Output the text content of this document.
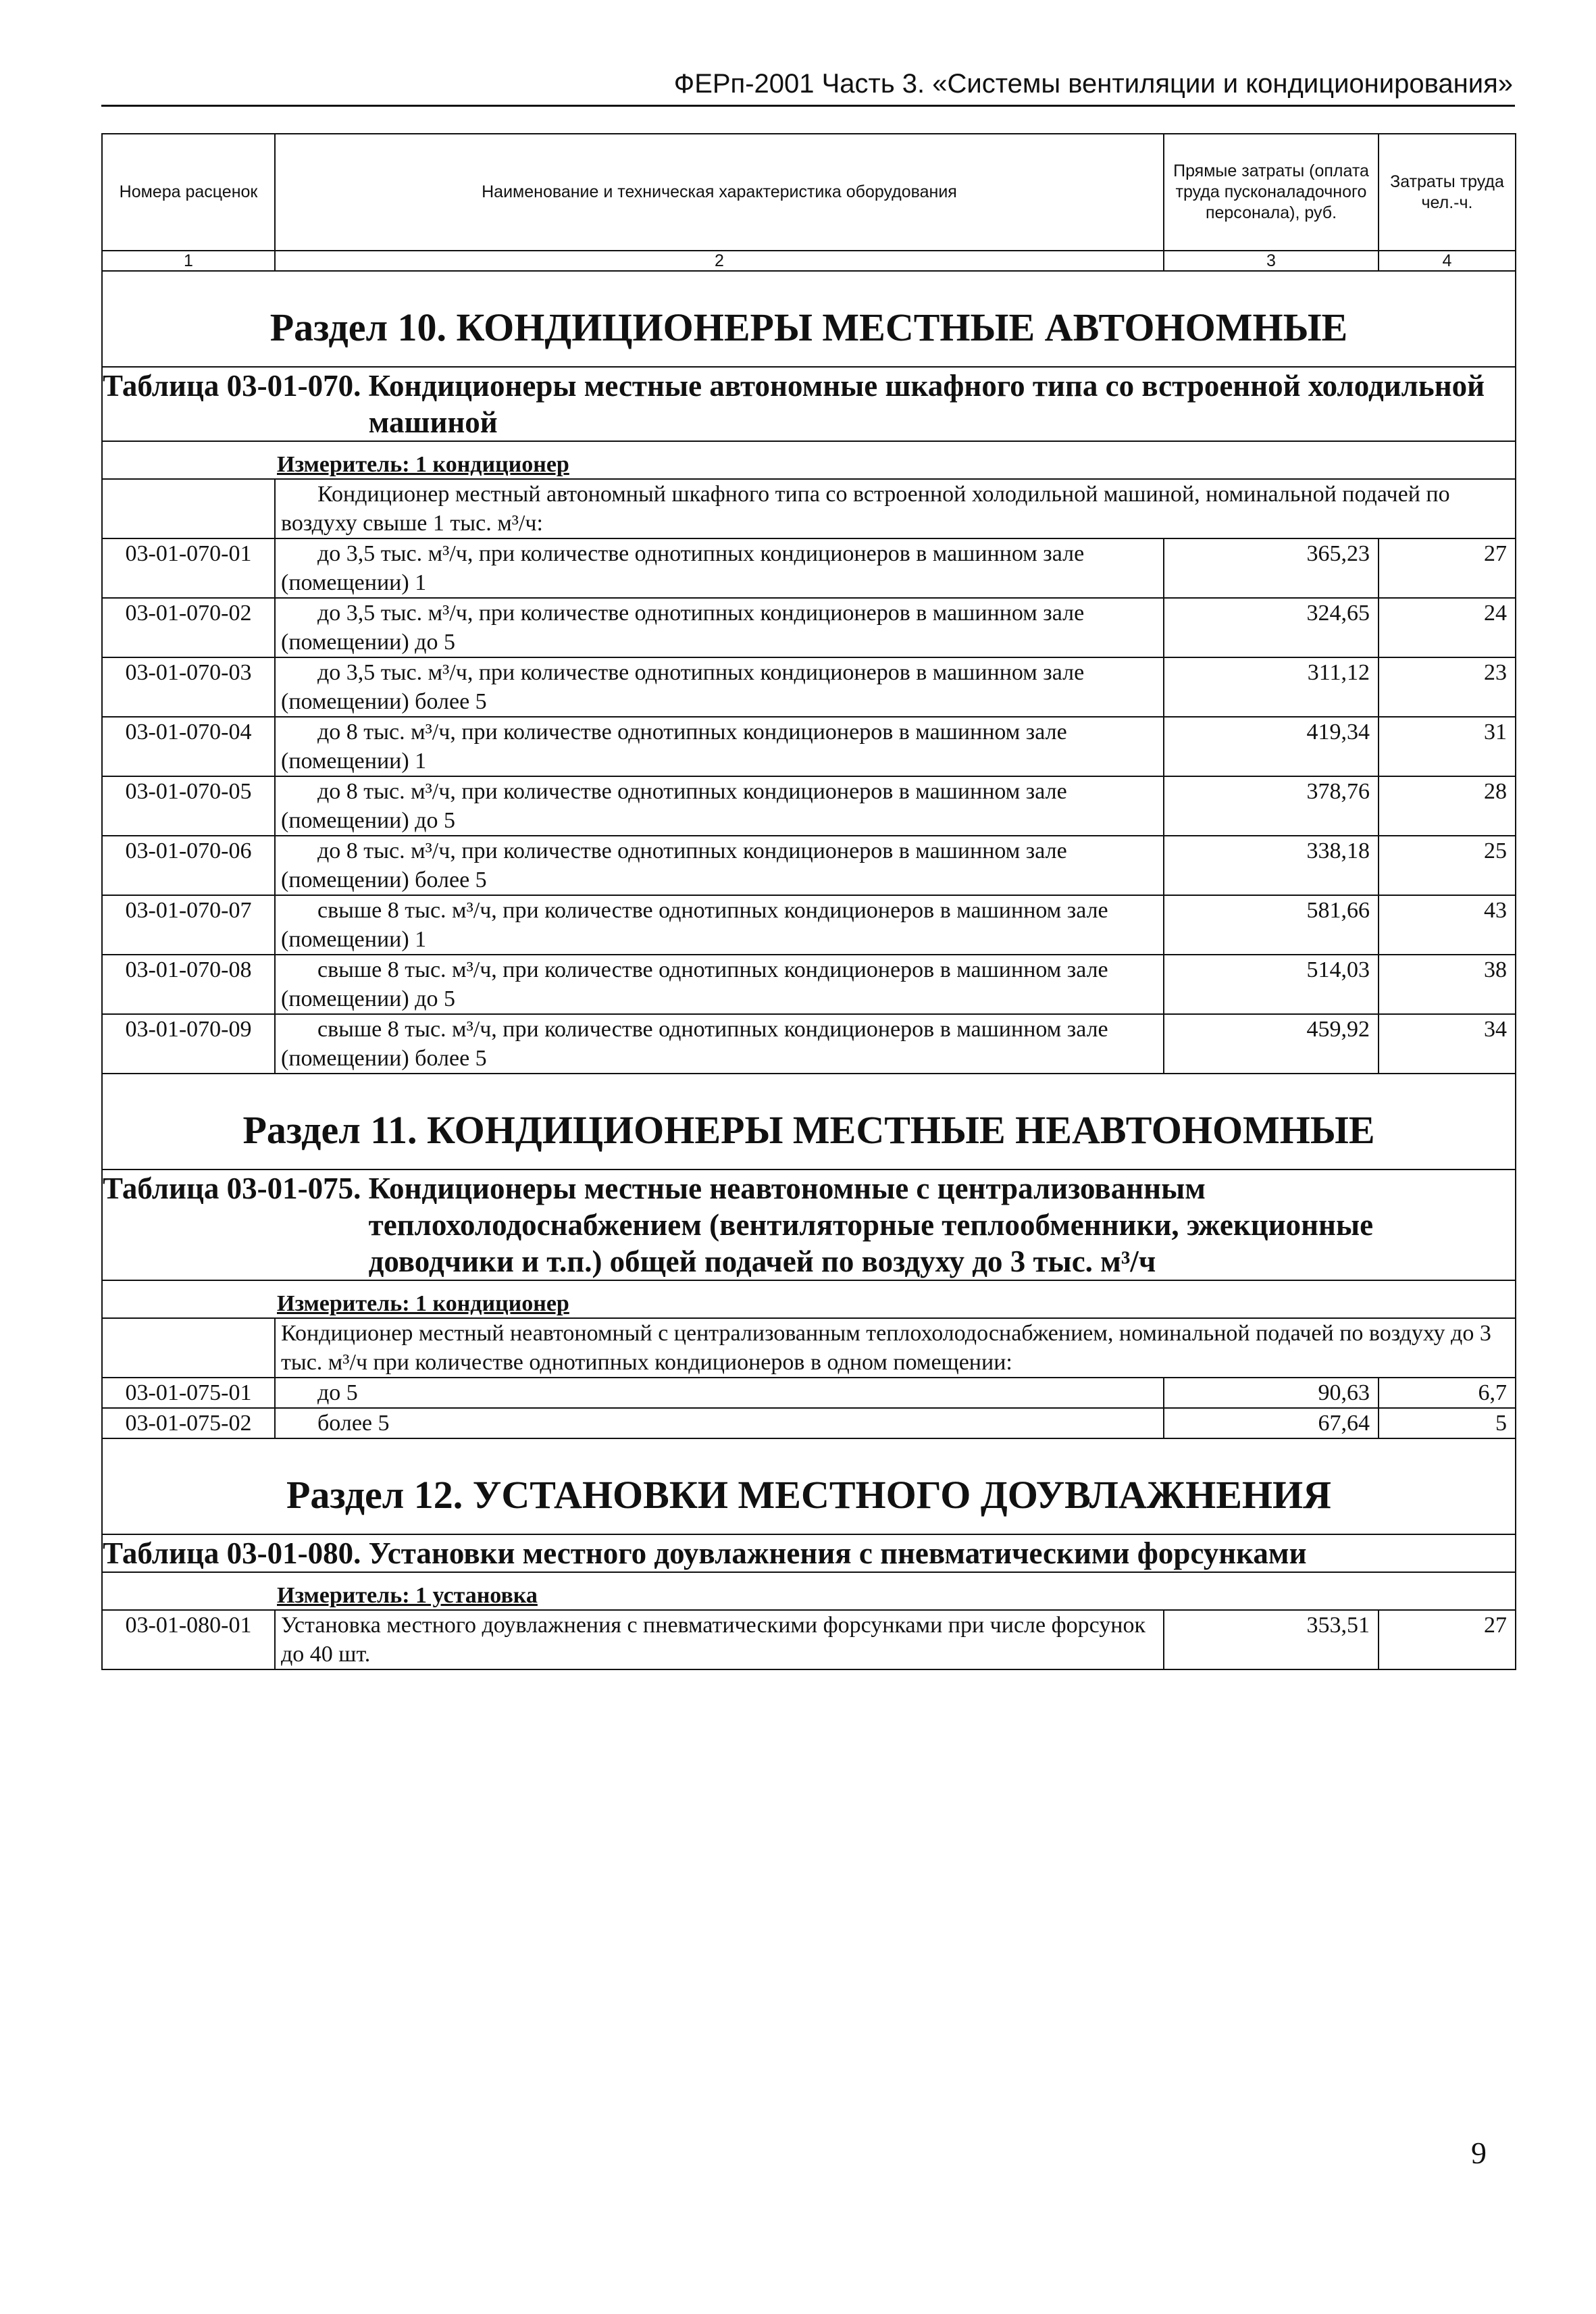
ФЕРп-2001 Часть 3. «Системы вентиляции и кондиционирования»
Номера расценок	Наименование и техническая характеристика оборудования	Прямые затраты (оплата труда пусконаладочного персонала), руб.	Затраты труда чел.-ч.
1	2	3	4
Раздел 10. КОНДИЦИОНЕРЫ МЕСТНЫЕ АВТОНОМНЫЕ			

Таблица 03-01-070.
Кондиционеры местные автономные шкафного типа со встроенной холодильной машиной			

Измеритель: 1 кондиционер			
	Кондиционер местный автономный шкафного типа со встроенной холодильной машиной, номинальной подачей по воздуху свыше 1 тыс. м³/ч:		
03-01-070-01	до 3,5 тыс. м³/ч, при количестве однотипных кондиционеров в машинном зале (помещении) 1	365,23	27
03-01-070-02	до 3,5 тыс. м³/ч, при количестве однотипных кондиционеров в машинном зале (помещении) до 5	324,65	24
03-01-070-03	до 3,5 тыс. м³/ч, при количестве однотипных кондиционеров в машинном зале (помещении) более 5	311,12	23
03-01-070-04	до 8 тыс. м³/ч, при количестве однотипных кондиционеров в машинном зале (помещении) 1	419,34	31
03-01-070-05	до 8 тыс. м³/ч, при количестве однотипных кондиционеров в машинном зале (помещении) до 5	378,76	28
03-01-070-06	до 8 тыс. м³/ч, при количестве однотипных кондиционеров в машинном зале (помещении) более 5	338,18	25
03-01-070-07	свыше 8 тыс. м³/ч, при количестве однотипных кондиционеров в машинном зале (помещении) 1	581,66	43
03-01-070-08	свыше 8 тыс. м³/ч, при количестве однотипных кондиционеров в машинном зале (помещении) до 5	514,03	38
03-01-070-09	свыше 8 тыс. м³/ч, при количестве однотипных кондиционеров в машинном зале (помещении) более 5	459,92	34
Раздел 11. КОНДИЦИОНЕРЫ МЕСТНЫЕ НЕАВТОНОМНЫЕ			

Таблица 03-01-075.
Кондиционеры местные неавтономные с централизованным теплохолодоснабжением (вентиляторные теплообменники, эжекционные доводчики и т.п.) общей подачей по воздуху до 3 тыс. м³/ч			

Измеритель: 1 кондиционер			
	Кондиционер местный неавтономный с централизованным теплохолодоснабжением, номинальной подачей по воздуху до 3 тыс. м³/ч при количестве однотипных кондиционеров в одном помещении:		
03-01-075-01	до 5	90,63	6,7
03-01-075-02	более 5	67,64	5
Раздел 12. УСТАНОВКИ МЕСТНОГО ДОУВЛАЖНЕНИЯ			

Таблица 03-01-080.
Установки местного доувлажнения с пневматическими форсунками			

Измеритель: 1 установка			
03-01-080-01	Установка местного доувлажнения с пневматическими форсунками при числе форсунок до 40 шт.	353,51	27
9
